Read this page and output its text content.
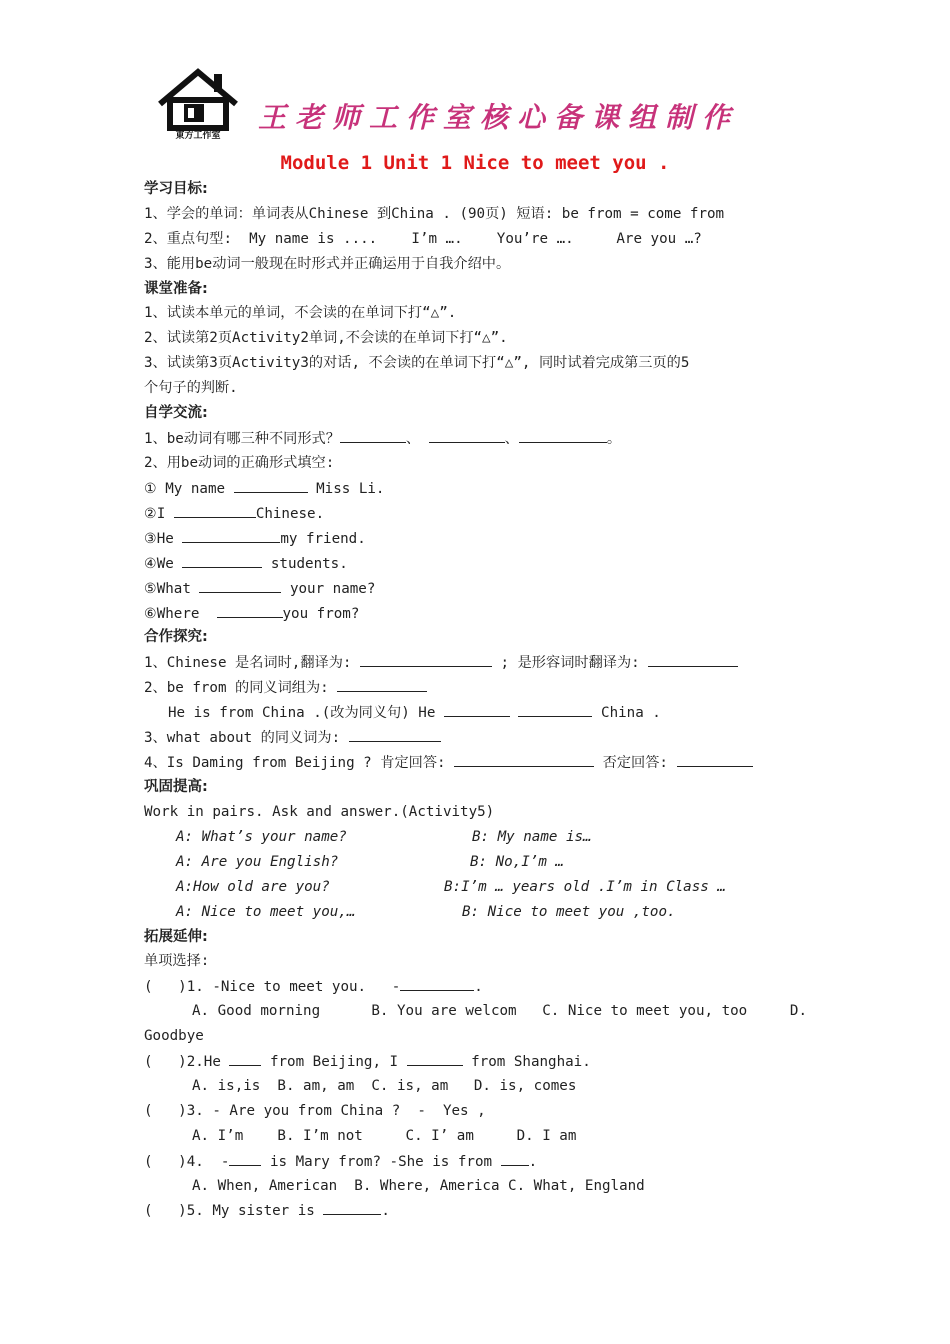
東方工作室
王老师工作室核心备课组制作
Module 1 Unit 1 Nice to meet you .
学习目标:
1、学会的单词：单词表从Chinese 到China . (90页) 短语: be from = come from
2、重点句型:  My name is ....    I’m ….    You’re ….     Are you …?
3、能用be动词一般现在时形式并正确运用于自我介绍中。
课堂准备:
1、试读本单元的单词，不会读的在单词下打“△”.
2、试读第2页Activity2单词,不会读的在单词下打“△”.
3、试读第3页Activity3的对话, 不会读的在单词下打“△”, 同时试着完成第三页的5
个句子的判断.
自学交流:
1、be动词有哪三种不同形式？	、	、	。
2、用be动词的正确形式填空:
① My name	Miss Li.
②I	Chinese.
③He	my friend.
④We	students.
⑤What	your name?
⑥Where	you from?
合作探究:
1、Chinese 是名词时,翻译为:	; 是形容词时翻译为:
2、be from 的同义词组为:
He is from China .(改为同义句) He	China .
3、what about 的同义词为:
4、Is Daming from Beijing ? 肯定回答:	否定回答:
巩固提高:
Work in pairs. Ask and answer.(Activity5)
A: What’s your name?	B: My name is…
A: Are you English?	B: No,I’m …
A:How old are you?	B:I’m … years old .I’m in Class …
A: Nice to meet you,…	B: Nice to meet you ,too.
拓展延伸:
单项选择:
(   )1. -Nice to meet you.   -	.
A. Good morning      B. You are welcom   C. Nice to meet you, too     D.
Goodbye
(   )2.He  from Beijing, I	from Shanghai.
A. is,is  B. am, am  C. is, am   D. is, comes
(   )3. - Are you from China ?  -  Yes ,
A. I’m    B. I’m not     C. I’ am     D. I am
(   )4.  - is Mary from? -She is from .
A. When, American  B. Where, America C. What, England
(   )5. My sister is	.
